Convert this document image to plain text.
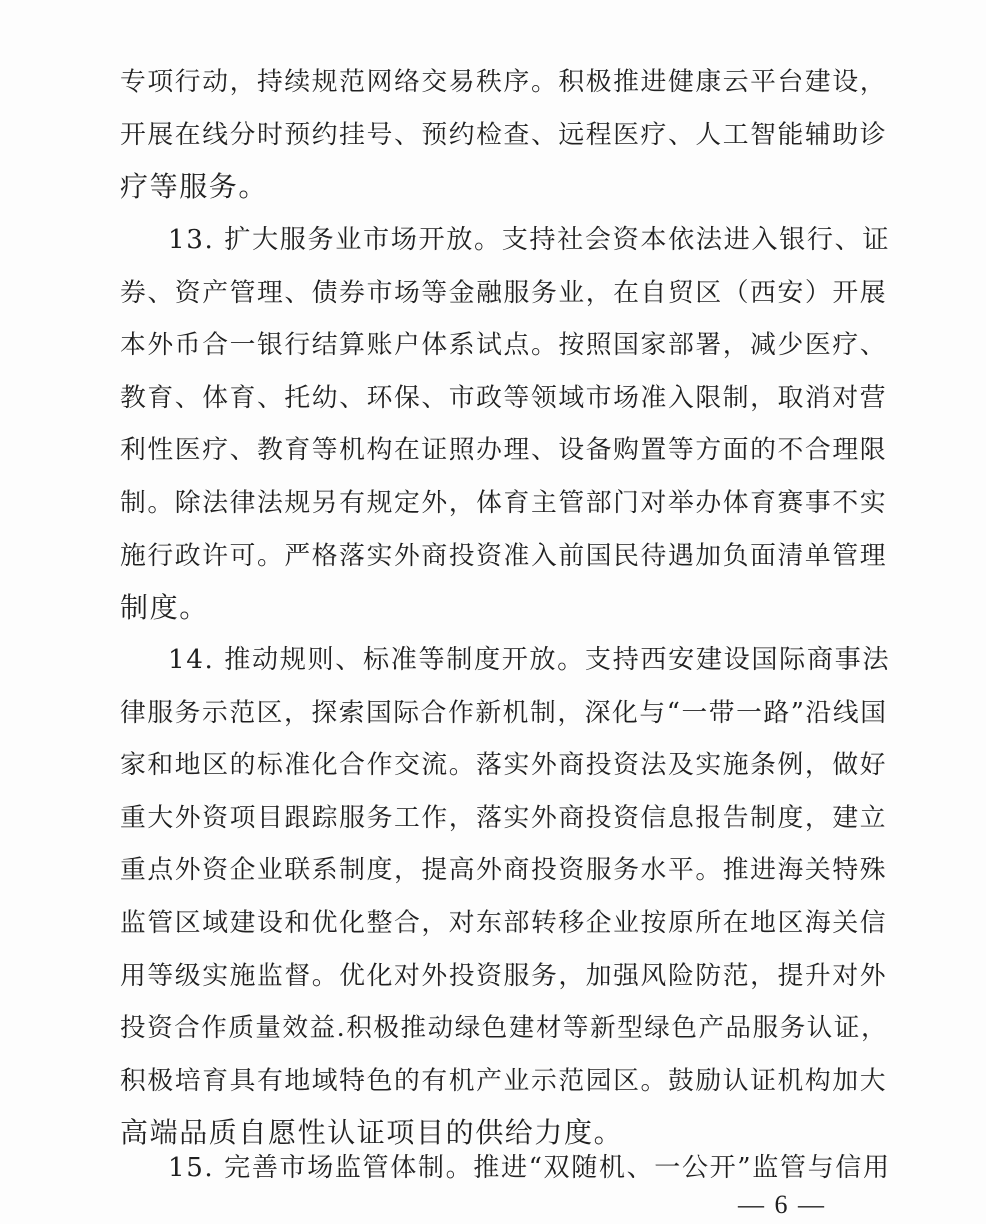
专项行动，持续规范网络交易秩序。积极推进健康云平台建设，
开展在线分时预约挂号、预约检查、远程医疗、人工智能辅助诊
疗等服务。
13. 扩大服务业市场开放。支持社会资本依法进入银行、证
券、资产管理、债券市场等金融服务业，在自贸区（西安）开展
本外币合一银行结算账户体系试点。按照国家部署，减少医疗、
教育、体育、托幼、环保、市政等领域市场准入限制，取消对营
利性医疗、教育等机构在证照办理、设备购置等方面的不合理限
制。除法律法规另有规定外，体育主管部门对举办体育赛事不实
施行政许可。严格落实外商投资准入前国民待遇加负面清单管理
制度。
14. 推动规则、标准等制度开放。支持西安建设国际商事法
律服务示范区，探索国际合作新机制，深化与“一带一路”沿线国
家和地区的标准化合作交流。落实外商投资法及实施条例，做好
重大外资项目跟踪服务工作，落实外商投资信息报告制度，建立
重点外资企业联系制度，提高外商投资服务水平。推进海关特殊
监管区域建设和优化整合，对东部转移企业按原所在地区海关信
用等级实施监督。优化对外投资服务，加强风险防范，提升对外
投资合作质量效益.积极推动绿色建材等新型绿色产品服务认证，
积极培育具有地域特色的有机产业示范园区。鼓励认证机构加大
高端品质自愿性认证项目的供给力度。
15. 完善市场监管体制。推进“双随机、一公开”监管与信用
— 6 —
